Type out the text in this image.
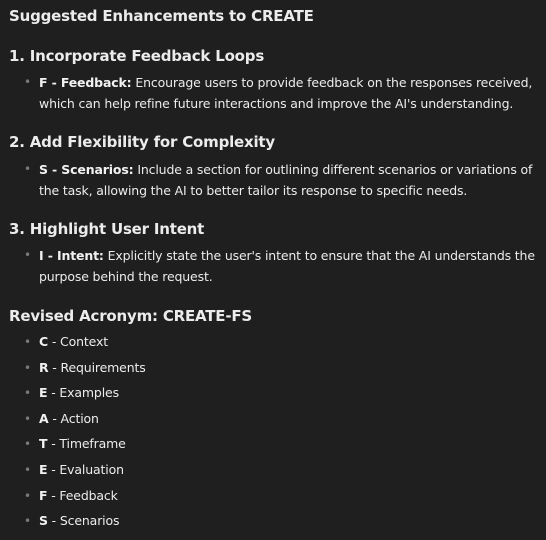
Suggested Enhancements to CREATE
1. Incorporate Feedback Loops
• F - Feedback: Encourage users to provide feedback on the responses received, which can help refine future interactions and improve the AI's understanding.
2. Add Flexibility for Complexity
• S - Scenarios: Include a section for outlining different scenarios or variations of the task, allowing the AI to better tailor its response to specific needs.
3. Highlight User Intent
• I - Intent: Explicitly state the user's intent to ensure that the AI understands the purpose behind the request.
Revised Acronym: CREATE-FS
• C - Context
• R - Requirements
• E - Examples
• A - Action
• T - Timeframe
• E - Evaluation
• F - Feedback
• S - Scenarios
